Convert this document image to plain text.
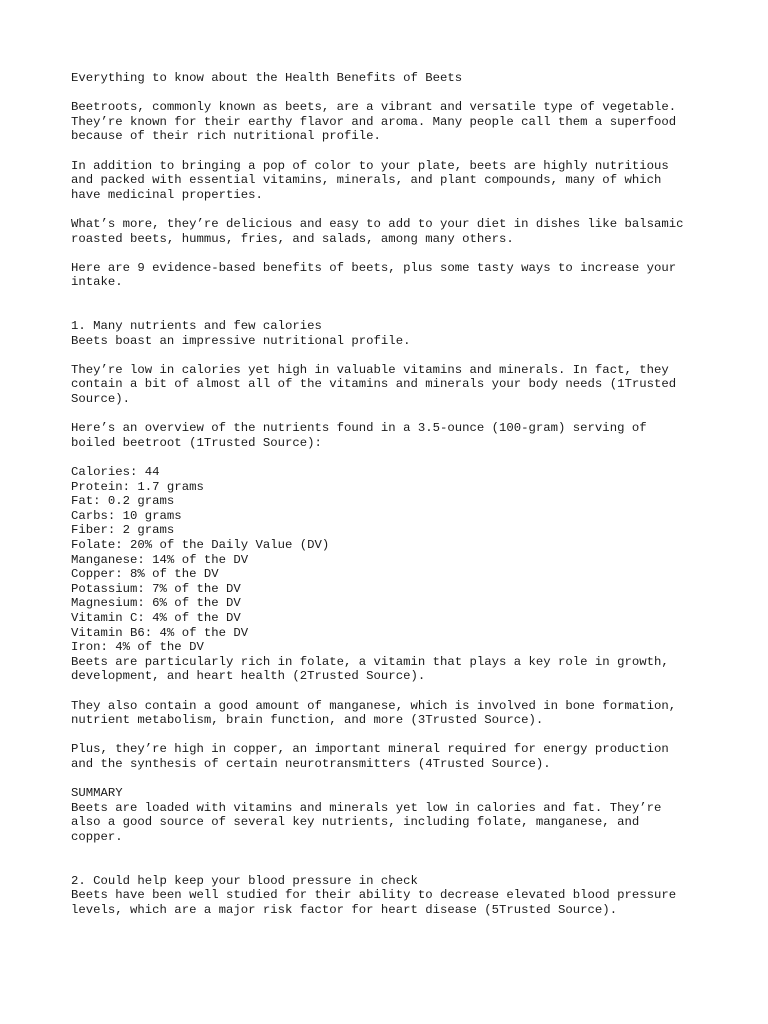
Everything to know about the Health Benefits of Beets
Beetroots, commonly known as beets, are a vibrant and versatile type of vegetable.
They’re known for their earthy flavor and aroma. Many people call them a superfood
because of their rich nutritional profile.
In addition to bringing a pop of color to your plate, beets are highly nutritious
and packed with essential vitamins, minerals, and plant compounds, many of which
have medicinal properties.
What’s more, they’re delicious and easy to add to your diet in dishes like balsamic
roasted beets, hummus, fries, and salads, among many others.
Here are 9 evidence-based benefits of beets, plus some tasty ways to increase your
intake.
1. Many nutrients and few calories
Beets boast an impressive nutritional profile.
They’re low in calories yet high in valuable vitamins and minerals. In fact, they
contain a bit of almost all of the vitamins and minerals your body needs (1Trusted
Source).
Here’s an overview of the nutrients found in a 3.5-ounce (100-gram) serving of
boiled beetroot (1Trusted Source):
Calories: 44
Protein: 1.7 grams
Fat: 0.2 grams
Carbs: 10 grams
Fiber: 2 grams
Folate: 20% of the Daily Value (DV)
Manganese: 14% of the DV
Copper: 8% of the DV
Potassium: 7% of the DV
Magnesium: 6% of the DV
Vitamin C: 4% of the DV
Vitamin B6: 4% of the DV
Iron: 4% of the DV
Beets are particularly rich in folate, a vitamin that plays a key role in growth,
development, and heart health (2Trusted Source).
They also contain a good amount of manganese, which is involved in bone formation,
nutrient metabolism, brain function, and more (3Trusted Source).
Plus, they’re high in copper, an important mineral required for energy production
and the synthesis of certain neurotransmitters (4Trusted Source).
SUMMARY
Beets are loaded with vitamins and minerals yet low in calories and fat. They’re
also a good source of several key nutrients, including folate, manganese, and
copper.
2. Could help keep your blood pressure in check
Beets have been well studied for their ability to decrease elevated blood pressure
levels, which are a major risk factor for heart disease (5Trusted Source).
